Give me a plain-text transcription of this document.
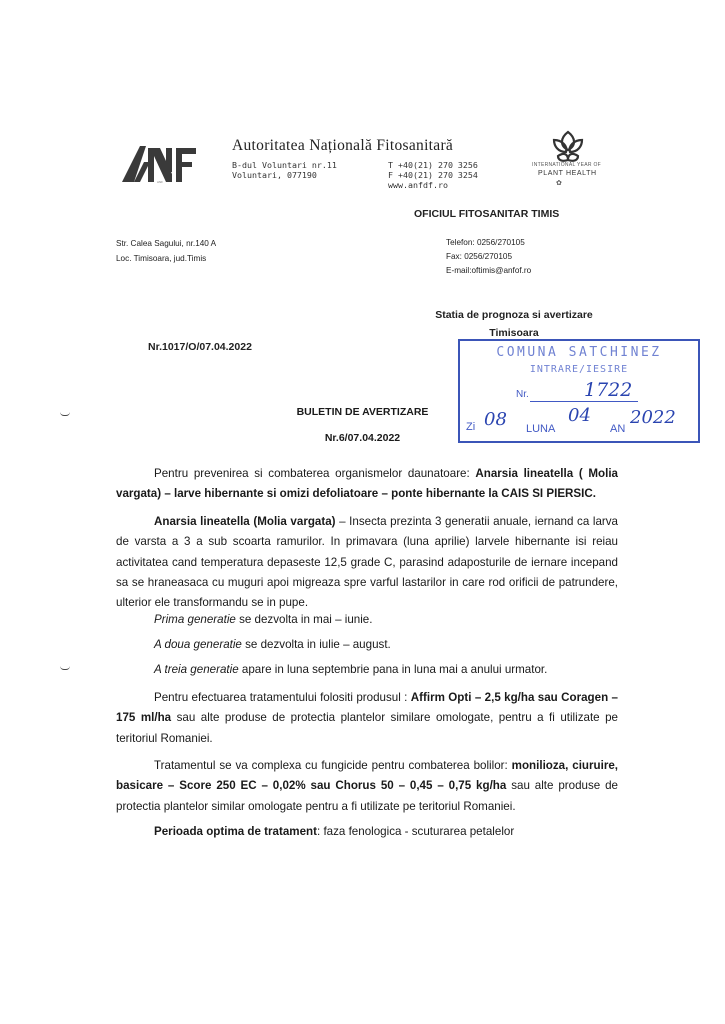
ANF
Autoritatea Națională Fitosanitară
B-dul Voluntari nr.11
Voluntari, 077190
T +40(21) 270 3256
F +40(21) 270 3254
www.anfdf.ro
INTERNATIONAL YEAR OF
PLANT HEALTH
✿
OFICIUL FITOSANITAR TIMIS
Str. Calea Sagului, nr.140 A
Loc. Timisoara, jud.Timis
Telefon: 0256/270105
Fax: 0256/270105
E-mail:oftimis@anfof.ro
Statia de prognoza si avertizare
Timisoara
Nr.1017/O/07.04.2022	COMUNA SATCHINEZ
INTRARE/IESIRE
Nr.	1722
Zi 08 LUNA
04
AN
2022
BULETIN DE AVERTIZARE
Nr.6/07.04.2022
Pentru prevenirea si combaterea organismelor daunatoare: Anarsia lineatella ( Molia vargata) – larve hibernante si omizi defoliatoare – ponte hibernante la CAIS SI PIERSIC.
Anarsia lineatella (Molia vargata) – Insecta prezinta 3 generatii anuale, iernand ca larva de varsta a 3 a sub scoarta ramurilor. In primavara (luna aprilie) larvele hibernante isi reiau activitatea cand temperatura depaseste 12,5 grade C, parasind adaposturile de iernare incepand sa se hraneasaca cu muguri apoi migreaza spre varful lastarilor in care rod orificii de patrundere, ulterior ele transformandu se in pupe.
Prima generatie se dezvolta in mai – iunie.
A doua generatie se dezvolta in iulie – august.
A treia generatie apare in luna septembrie pana in luna mai a anului urmator.
Pentru efectuarea tratamentului folositi produsul : Affirm Opti – 2,5 kg/ha sau Coragen – 175 ml/ha sau alte produse de protectia plantelor similare omologate, pentru a fi utilizate pe teritoriul Romaniei.
Tratamentul se va complexa cu fungicide pentru combaterea bolilor: monilioza, ciuruire, basicare – Score 250 EC – 0,02% sau Chorus 50 – 0,45 – 0,75 kg/ha sau alte produse de protectia plantelor similar omologate pentru a fi utilizate pe teritoriul Romaniei.
Perioada optima de tratament: faza fenologica - scuturarea petalelor
